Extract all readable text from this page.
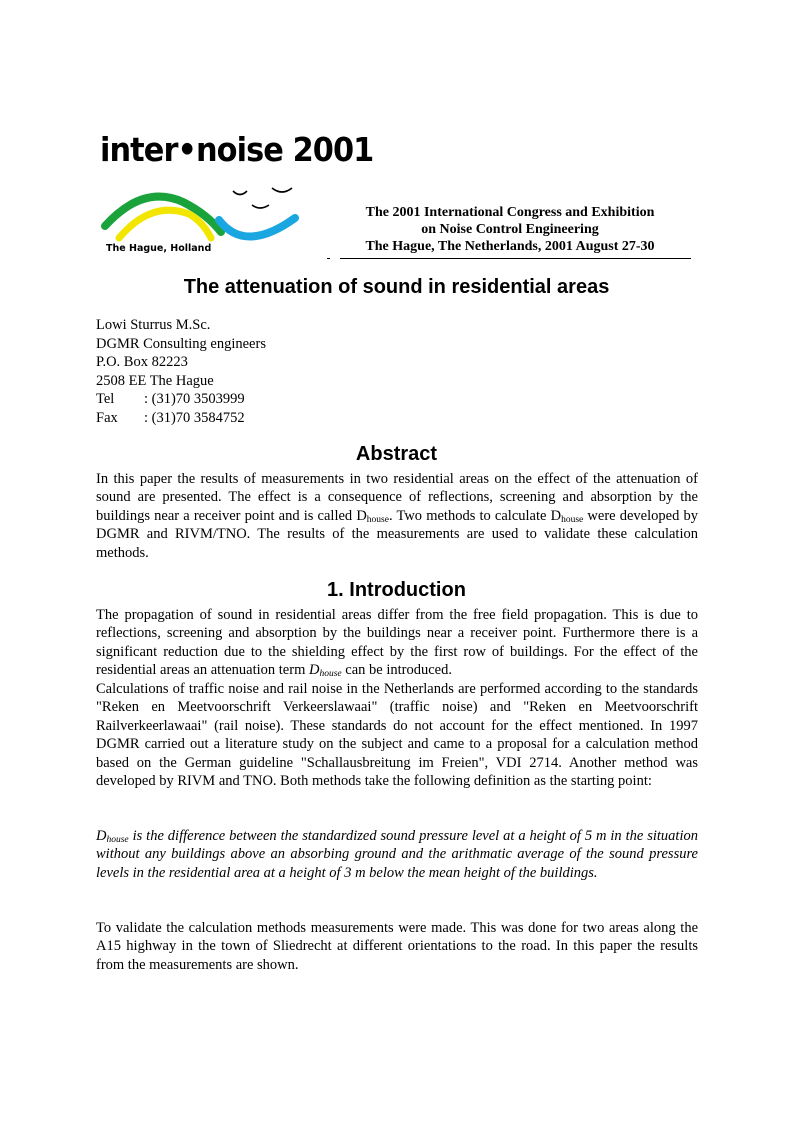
inter•noise 2001
The Hague, Holland
The 2001 International Congress and Exhibition
on Noise Control Engineering
The Hague, The Netherlands, 2001 August 27-30
The attenuation of sound in residential areas
Lowi Sturrus M.Sc.
DGMR Consulting engineers
P.O. Box 82223
2508 EE The Hague
Tel : (31)70 3503999
Fax : (31)70 3584752
Abstract

In this paper the results of measurements in two residential areas on the effect of the attenuation of sound are presented. The effect is a consequence of reflections, screening and absorption by the buildings near a receiver point and is called $D_{house}$. Two methods to calculate $D_{house}$ were developed by DGMR and RIVM/TNO. The results of the measurements are used to validate these calculation methods.

1. Introduction

The propagation of sound in residential areas differ from the free field propagation. This is due to reflections, screening and absorption by the buildings near a receiver point. Furthermore there is a significant reduction due to the shielding effect by the first row of buildings. For the effect of the residential areas an attenuation term $D_{house}$ can be introduced.

Calculations of traffic noise and rail noise in the Netherlands are performed according to the standards "Reken en Meetvoorschrift Verkeerslawaai" (traffic noise) and "Reken en Meetvoorschrift Railverkeerlawaai" (rail noise). These standards do not account for the effect mentioned. In 1997 DGMR carried out a literature study on the subject and came to a proposal for a calculation method based on the German guideline "Schallausbreitung im Freien", VDI 2714. Another method was developed by RIVM and TNO. Both methods take the following definition as the starting point:

$D_{house}$ is the difference between the standardized sound pressure level at a height of 5 m in the situation without any buildings above an absorbing ground and the arithmatic average of the sound pressure levels in the residential area at a height of 3 m below the mean height of the buildings.

To validate the calculation methods measurements were made. This was done for two areas along the A15 highway in the town of Sliedrecht at different orientations to the road. In this paper the results from the measurements are shown.
